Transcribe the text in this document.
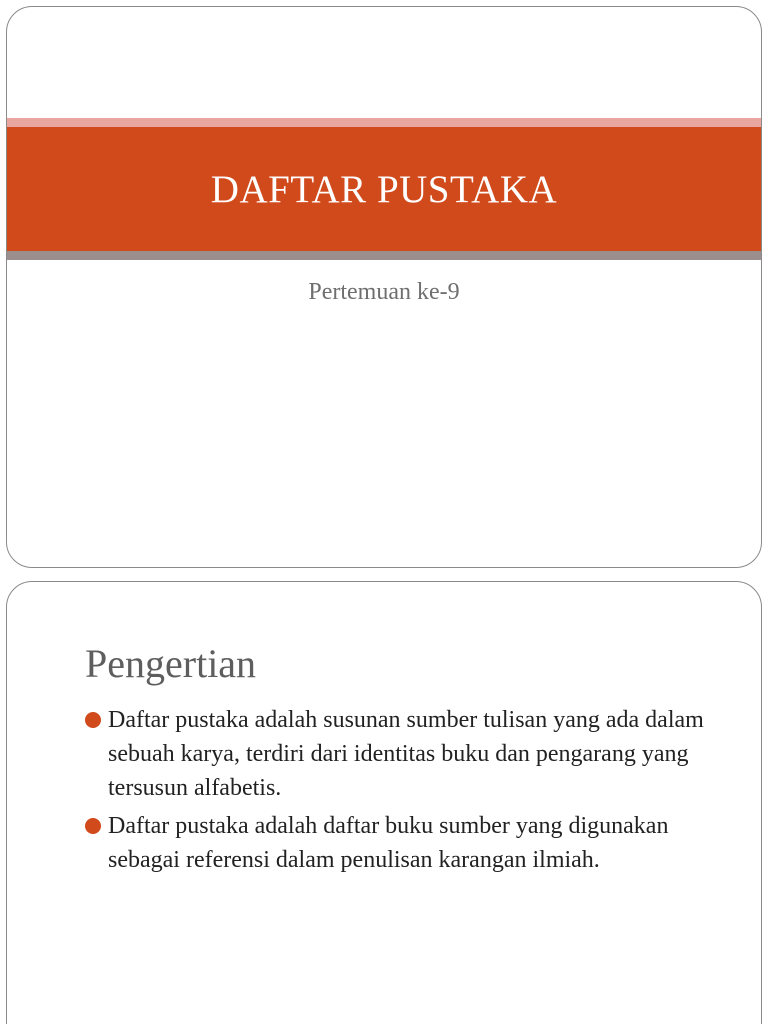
DAFTAR PUSTAKA
Pertemuan ke-9
Pengertian
Daftar pustaka adalah susunan sumber tulisan yang ada dalam sebuah karya, terdiri dari identitas buku dan pengarang yang tersusun alfabetis.
Daftar pustaka adalah daftar buku sumber yang digunakan sebagai referensi dalam penulisan karangan ilmiah.
